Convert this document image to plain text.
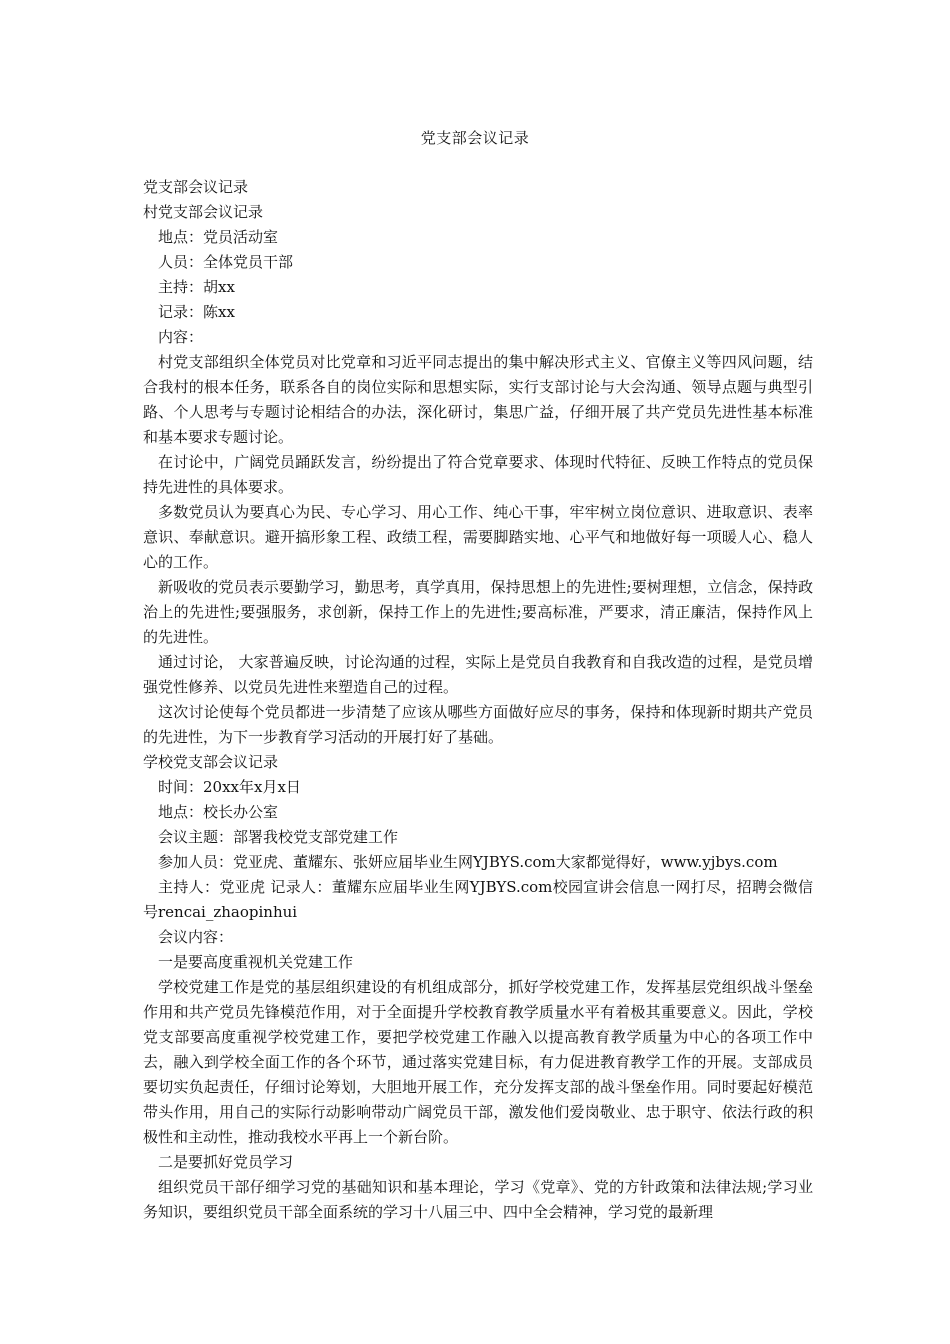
党支部会议记录

党支部会议记录

村党支部会议记录

地点：党员活动室

人员：全体党员干部

主持：胡xx

记录：陈xx

内容：

村党支部组织全体党员对比党章和习近平同志提出的集中解决形式主义、官僚主义等四风问题，结合我村的根本任务，联系各自的岗位实际和思想实际，实行支部讨论与大会沟通、领导点题与典型引路、个人思考与专题讨论相结合的办法，深化研讨，集思广益，仔细开展了共产党员先进性基本标准和基本要求专题讨论。

在讨论中，广阔党员踊跃发言，纷纷提出了符合党章要求、体现时代特征、反映工作特点的党员保持先进性的具体要求。

多数党员认为要真心为民、专心学习、用心工作、纯心干事，牢牢树立岗位意识、进取意识、表率意识、奉献意识。避开搞形象工程、政绩工程，需要脚踏实地、心平气和地做好每一项暖人心、稳人心的工作。

新吸收的党员表示要勤学习，勤思考，真学真用，保持思想上的先进性;要树理想，立信念，保持政治上的先进性;要强服务，求创新，保持工作上的先进性;要高标准，严要求，清正廉洁，保持作风上的先进性。

通过讨论， 大家普遍反映，讨论沟通的过程，实际上是党员自我教育和自我改造的过程，是党员增强党性修养、以党员先进性来塑造自己的过程。

这次讨论使每个党员都进一步清楚了应该从哪些方面做好应尽的事务，保持和体现新时期共产党员的先进性，为下一步教育学习活动的开展打好了基础。

学校党支部会议记录

时间：20xx年x月x日

地点：校长办公室

会议主题：部署我校党支部党建工作

参加人员：党亚虎、董耀东、张妍应届毕业生网YJBYS.com大家都觉得好，www.yjbys.com

主持人：党亚虎 记录人：董耀东应届毕业生网YJBYS.com校园宣讲会信息一网打尽，招聘会微信号rencai_zhaopinhui

会议内容：

一是要高度重视机关党建工作

学校党建工作是党的基层组织建设的有机组成部分，抓好学校党建工作，发挥基层党组织战斗堡垒作用和共产党员先锋模范作用，对于全面提升学校教育教学质量水平有着极其重要意义。因此，学校党支部要高度重视学校党建工作，要把学校党建工作融入以提高教育教学质量为中心的各项工作中去，融入到学校全面工作的各个环节，通过落实党建目标，有力促进教育教学工作的开展。支部成员要切实负起责任，仔细讨论筹划，大胆地开展工作，充分发挥支部的战斗堡垒作用。同时要起好模范带头作用，用自己的实际行动影响带动广阔党员干部，激发他们爱岗敬业、忠于职守、依法行政的积极性和主动性，推动我校水平再上一个新台阶。

二是要抓好党员学习

组织党员干部仔细学习党的基础知识和基本理论，学习《党章》、党的方针政策和法律法规;学习业务知识，要组织党员干部全面系统的学习十八届三中、四中全会精神，学习党的最新理
